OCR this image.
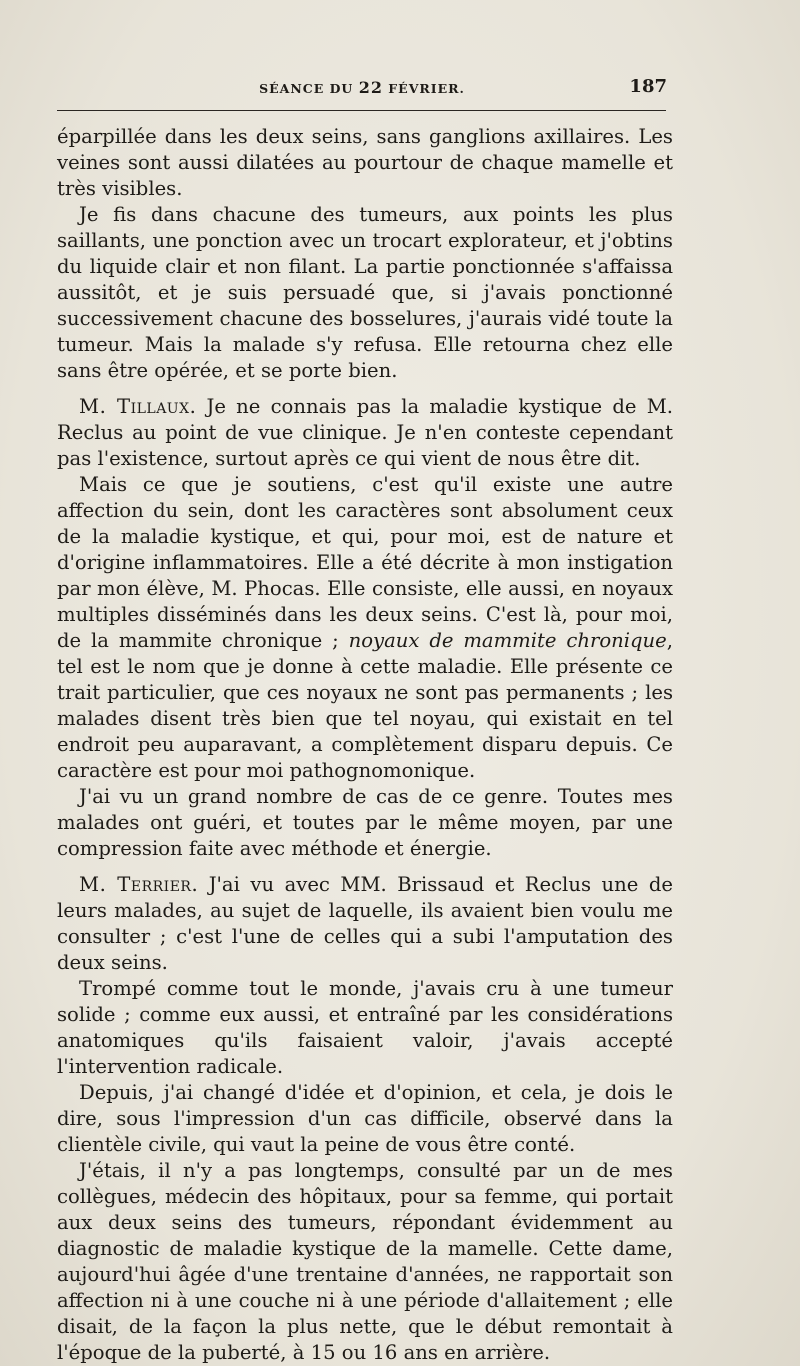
SÉANCE DU 22 FÉVRIER.	187

éparpillée dans les deux seins, sans ganglions axillaires. Les veines sont aussi dilatées au pourtour de chaque mamelle et très visibles.

Je fis dans chacune des tumeurs, aux points les plus saillants, une ponction avec un trocart explorateur, et j'obtins du liquide clair et non filant. La partie ponctionnée s'affaissa aussitôt, et je suis persuadé que, si j'avais ponctionné successivement chacune des bosselures, j'aurais vidé toute la tumeur. Mais la malade s'y refusa. Elle retourna chez elle sans être opérée, et se porte bien.

M. Tillaux. Je ne connais pas la maladie kystique de M. Reclus au point de vue clinique. Je n'en conteste cependant pas l'existence, surtout après ce qui vient de nous être dit.

Mais ce que je soutiens, c'est qu'il existe une autre affection du sein, dont les caractères sont absolument ceux de la maladie kystique, et qui, pour moi, est de nature et d'origine inflammatoires. Elle a été décrite à mon instigation par mon élève, M. Phocas. Elle consiste, elle aussi, en noyaux multiples disséminés dans les deux seins. C'est là, pour moi, de la mammite chronique ; noyaux de mammite chronique, tel est le nom que je donne à cette maladie. Elle présente ce trait particulier, que ces noyaux ne sont pas permanents ; les malades disent très bien que tel noyau, qui existait en tel endroit peu auparavant, a complètement disparu depuis. Ce caractère est pour moi pathognomonique.

J'ai vu un grand nombre de cas de ce genre. Toutes mes malades ont guéri, et toutes par le même moyen, par une compression faite avec méthode et énergie.

M. Terrier. J'ai vu avec MM. Brissaud et Reclus une de leurs malades, au sujet de laquelle, ils avaient bien voulu me consulter ; c'est l'une de celles qui a subi l'amputation des deux seins.

Trompé comme tout le monde, j'avais cru à une tumeur solide ; comme eux aussi, et entraîné par les considérations anatomiques qu'ils faisaient valoir, j'avais accepté l'intervention radicale.

Depuis, j'ai changé d'idée et d'opinion, et cela, je dois le dire, sous l'impression d'un cas difficile, observé dans la clientèle civile, qui vaut la peine de vous être conté.

J'étais, il n'y a pas longtemps, consulté par un de mes collègues, médecin des hôpitaux, pour sa femme, qui portait aux deux seins des tumeurs, répondant évidemment au diagnostic de maladie kystique de la mamelle. Cette dame, aujourd'hui âgée d'une trentaine d'années, ne rapportait son affection ni à une couche ni à une période d'allaitement ; elle disait, de la façon la plus nette, que le début remontait à l'époque de la puberté, à 15 ou 16 ans en arrière.
